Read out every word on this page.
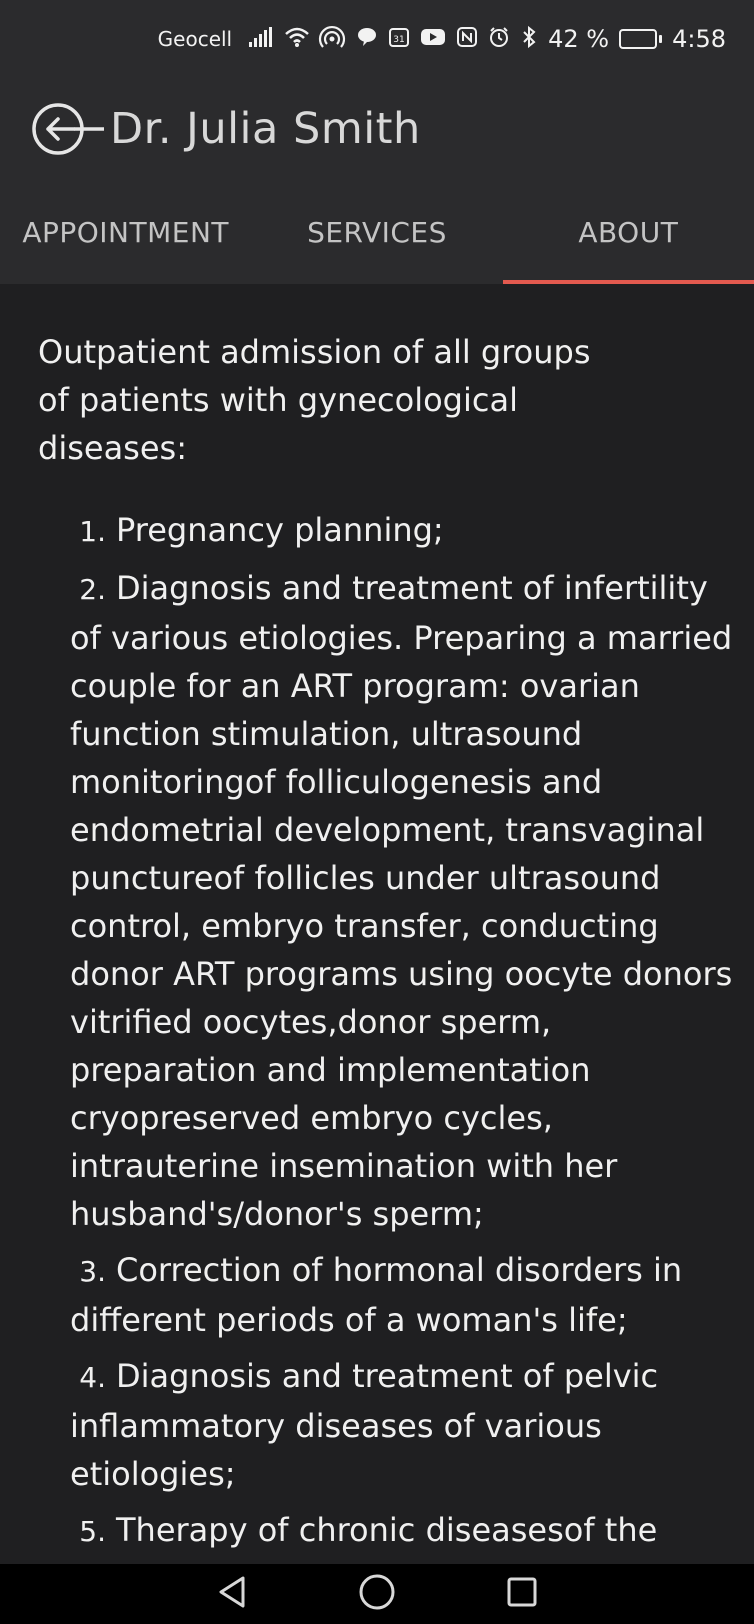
Geocell	31	42 %	4:58
Dr. Julia Smith
APPOINTMENT	SERVICES	ABOUT

Outpatient admission of all groups of patients with gynecological diseases:

1. Pregnancy planning;
2. Diagnosis and treatment of infertility of various etiologies. Preparing a married couple for an ART program: ovarian function stimulation, ultrasound monitoringof folliculogenesis and endometrial development, transvaginal punctureof follicles under ultrasound control, embryo transfer, conducting donor ART programs using oocyte donors vitrified oocytes,donor sperm, preparation and implementation cryopreserved embryo cycles, intrauterine insemination with her husband's/donor's sperm;
3. Correction of hormonal disorders in different periods of a woman's life;
4. Diagnosis and treatment of pelvic inflammatory diseases of various etiologies;
5. Therapy of chronic diseasesof the
